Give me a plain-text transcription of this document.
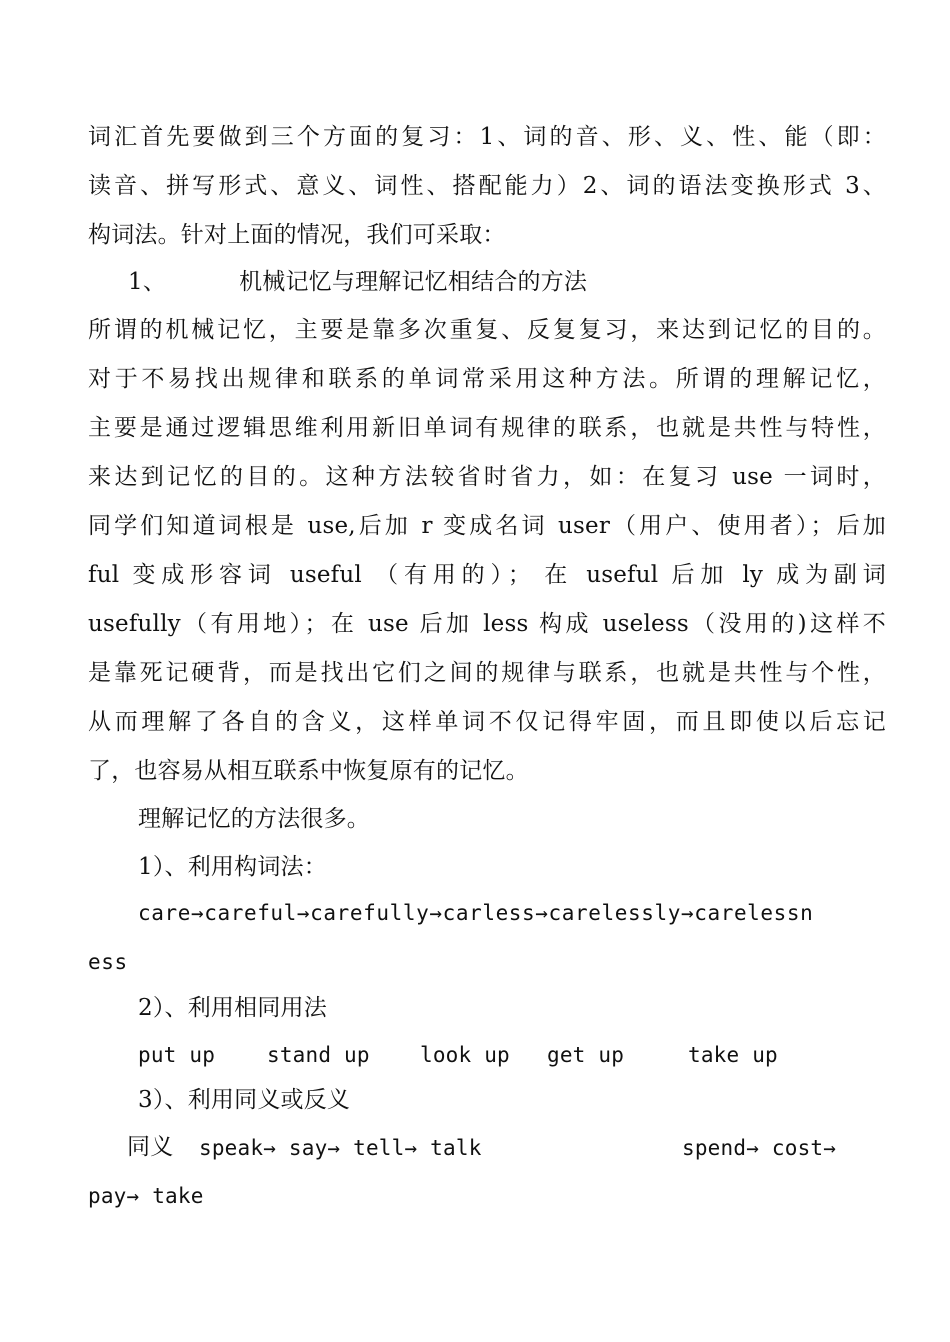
词汇首先要做到三个方面的复习：1、词的音、形、义、性、能（即：
读音、拼写形式、意义、词性、搭配能力）2、词的语法变换形式 3、
构词法。针对上面的情况，我们可采取：
1、	机械记忆与理解记忆相结合的方法
所谓的机械记忆，主要是靠多次重复、反复复习，来达到记忆的目的。
对于不易找出规律和联系的单词常采用这种方法。所谓的理解记忆，
主要是通过逻辑思维利用新旧单词有规律的联系，也就是共性与特性，
来达到记忆的目的。这种方法较省时省力，如：在复习 use 一词时，
同学们知道词根是 use,后加 r 变成名词 user（用户、使用者）；后加
ful 变成形容词 useful （有用的）； 在 useful 后加 ly 成为副词
usefully（有用地）；在 use 后加 less 构成 useless（没用的)这样不
是靠死记硬背，而是找出它们之间的规律与联系，也就是共性与个性，
从而理解了各自的含义，这样单词不仅记得牢固，而且即使以后忘记
了，也容易从相互联系中恢复原有的记忆。
理解记忆的方法很多。
1）、利用构词法：
care→careful→carefully→carless→carelessly→carelessn
ess
2）、利用相同用法
put up stand up look up get up	take up
3）、利用同义或反义
同义 speak→ say→ tell→ talk	spend→ cost→
pay→ take
